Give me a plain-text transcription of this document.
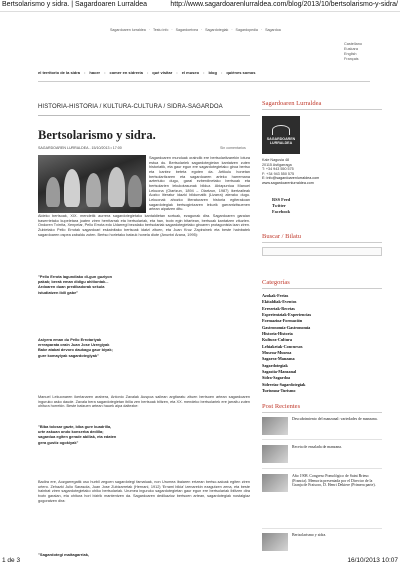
Bertsolarismo y sidra. | Sagardoaren Lurraldea	http://www.sagardoarenlurraldea.com/blog/2013/10/bertsolarismo-y-sidra/
Sagardoaren lurraldea · Testu info · Sagardoetxea · Sagardotegiak · Sagardopedia · Sagardoa
Castellano
Euskara
English
Français
el territorio de la sidra • hacer • comer en sidrería • qué visitar • el museo • blog • quiénes somos
HISTORIA-HISTORIA / KULTURA-CULTURA / SIDRA-SAGARDOA
Bertsolarismo y sidra.
SAGARDOAREN LURRALDEA - 15/10/2013 • 17:00	Sin comentarios
Sagardoaren munduak oraindik ere bertsolaritzarekin lotura estua du. Bertsolariek sagardotegietan kantatzen zuten historiatik, eta gaur egun ere sagardotegietako giroa bertso eta kantez beteta egoten da. Artikulu honetan bertsolaritzaren eta sagardoaren arteko harremana aztertuko dugu, garai ezberdinetako bertsoak eta bertsolarien lekukotasunak bilduz. Abiapuntua Manuel Lekuona (Oiartzun, 1894 – Oiartzun, 1987) ikertzaileak Aozko literatur idazki bildumatik (Lizarra) aterako dugu. Lekuonak ahozko literaturaren historia egiterakoan sagardotegiak bertsogintzaren lekurik garrantzitsuenen artean aipatzen ditu.
Aldeko bertsoak, XIX. mendetik aurrera sagardotegietako kantaldietan sortuak, ezagunak dira. Sagardoaren garaian baserrietako kupeletara joaten ziren herritarrak eta bertsolariak, eta han, txotx egin bitartean, bertsoak kantatzen zituzten. Ondoren Txirrita, Xenpelar, Pello Errota edo Udarregi bezalako bertsolariak sagardotegietako giroaren protagonista izan ziren. Zubietako Pello Errotak sagardoari eskainitako bertsoak idatzi zituen, eta Juan Kruz Zapirainek eta beste hainbatek sagardoaren ospea zabaldu zuten. Bertso horietako batzuk honela diote (Anuntxi Arana, 1995):
"Pello Errota lagundiako di-gun guziyon pakak; berak eman didigu ahitiontak... Ardoaren duan predikadorak sekula istudiatzen ibili gabe"
Asiyera eman du Pello Errotariyak erreaparata orain Juan Jose Uzregiyak Bake atabat devoro daukagu gaur biyak; gure komayiyak sagardotegiyak"
Manuel Lekuonaren ikerlanaren arabera, Antonio Zavalak Auspoa sailean argitaratu zituen bertsoen artean sagardoaren inguruko asko daude. Zavala bera sagardotegietan ibilia zen bertsoak biltzen, eta XX. mendeko bertsolariek ere jarraitu zuten ohitura horrekin. Beste batzuen artean hauek aipa daitezke:
"Biba tolosar gazte, biba gure kuadrilla, urte askuan ondo konserba dedilla; sagardua egiten gerade abillak, eta edaten gera gustiz ogokiyak"
Badira ere, Aozgarregatik oso hurbil zegoen sagardotegi famatuak, non Urumea ibaiaren ertzean bertso-saioak egiten ziren urtero. Zehazki Julio Sarasola, Juan Jose Zubizarretak (Hernani, 1912) 'Errami bikia' izenarekin ezagutzen zena, eta beste hainbat ziren sagardotegietako ohiko bertsolariak. Urumea inguruko sagardotegietan gaur egun ere bertsolariak ibiltzen dira txotx garaian, eta ohitura hori bizirik mantentzen da. Sagardoaren dedikazioz bertsoen artean, sagardotegiak nostalgiaz gogoratzen dira:
"Sagardotegi maitagarriak,
Sagardoaren Lurraldea
SAGARDOAREN LURRALDEA
Kale Nagusia 48
20115 Astigarraga
T: +34 943 550 575
F: +34 943 550 575
E: info@sagardoarenlurraldea.com
www.sagardoarenlurraldea.com
RSS Feed
Twitter
Facebook
Buscar / Bilatu
Categorías
Azokak-Ferias
Ekitaldiak-Eventos
Errezetak-Recetas
Esperientziak-Experiencias
Formazioa-Formación
Gastronomía-Gastronomía
Historia-Historia
Kultura-Cultura
Lehiaketak-Concursos
Museoa-Museoa
Sagarra-Manzana
Sagardotegiak
Sagastia-Manzanal
Sidra-Sagardoa
Sidrerías-Sagardotegiak
Turismoa-Turismo
Post Recientes
Descubrimiento del manzanal: variedades de manzana.
Receta de ensalada de manzana.
Año 1908. Congreso Pomológico de Saint Brieuc (Francia). Memoria presentada por el Director de la Granja de Fraisoro, D. Henri Dekiere (Primera parte).
Bertsolarismo y sidra.
1 de 3	16/10/2013 10:07
